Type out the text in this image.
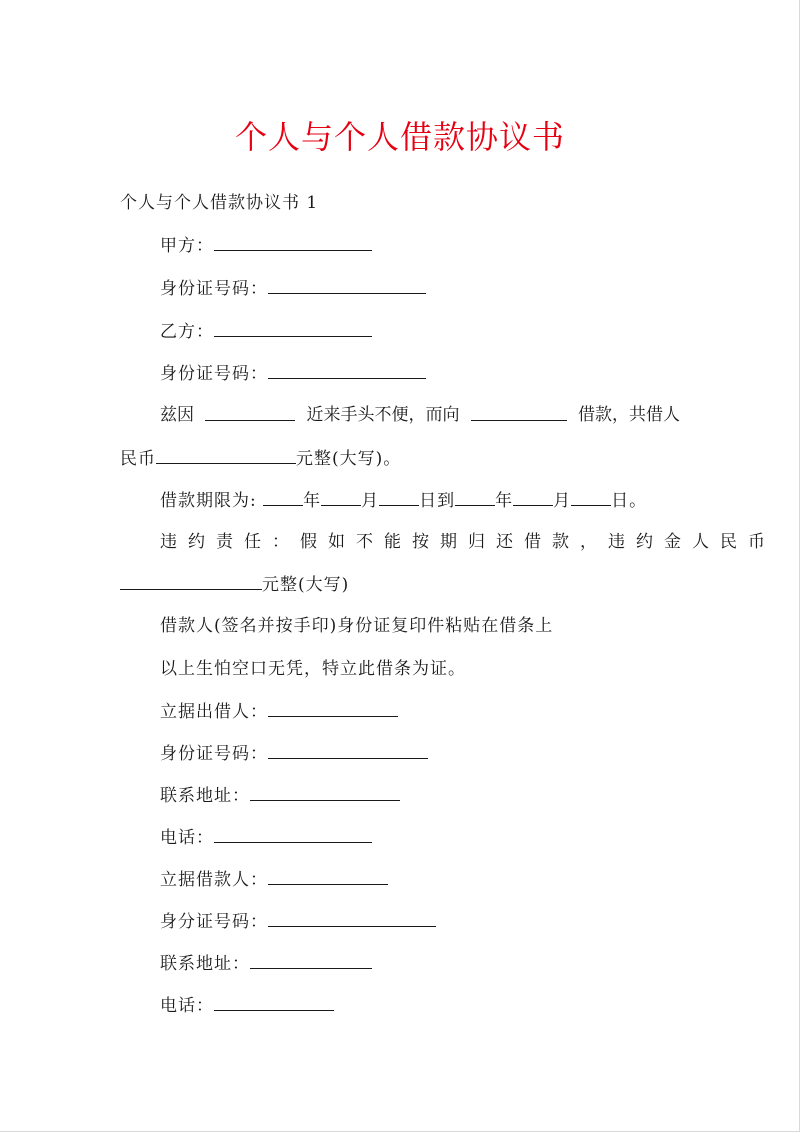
个人与个人借款协议书
个人与个人借款协议书 1
甲方：
身份证号码：
乙方：
身份证号码：
兹因	近来手头不便，而向	借款，共借人
民币	元整(大写)。
借款期限为:	年 月 日到 年 月 日。
违约责任：假如不能按期归还借款，违约金人民币
元整(大写)
借款人(签名并按手印)身份证复印件粘贴在借条上
以上生怕空口无凭，特立此借条为证。
立据出借人：
身份证号码：
联系地址：
电话：
立据借款人：
身分证号码：
联系地址：
电话：
